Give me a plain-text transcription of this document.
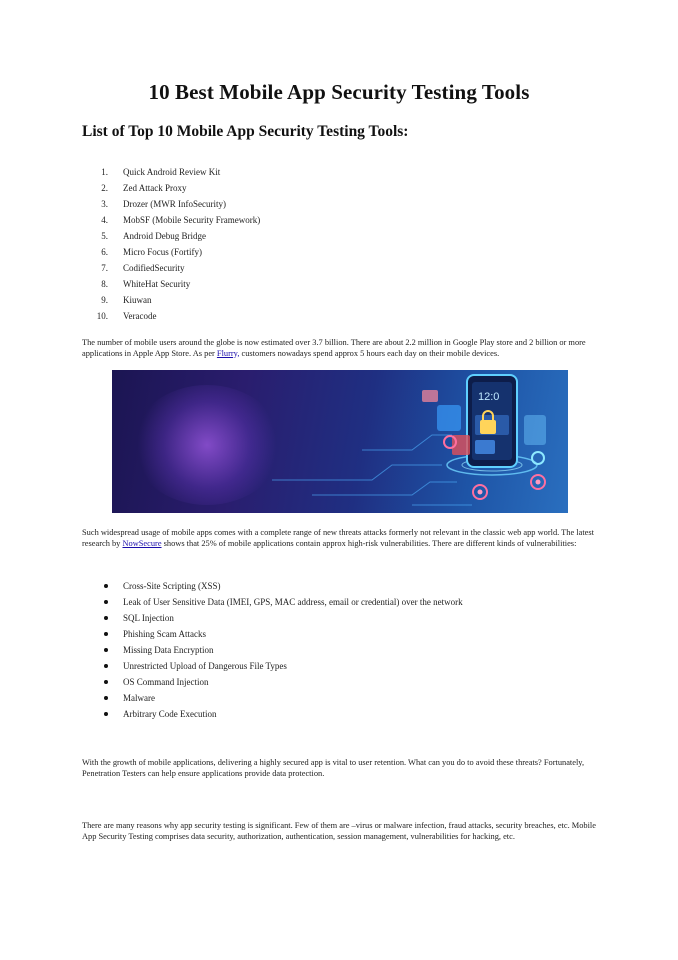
10 Best Mobile App Security Testing Tools
List of Top 10 Mobile App Security Testing Tools:
1. Quick Android Review Kit
2. Zed Attack Proxy
3. Drozer (MWR InfoSecurity)
4. MobSF (Mobile Security Framework)
5. Android Debug Bridge
6. Micro Focus (Fortify)
7. CodifiedSecurity
8. WhiteHat Security
9. Kiuwan
10. Veracode

The number of mobile users around the globe is now estimated over 3.7 billion. There are about 2.2 million in Google Play store and 2 billion or more applications in Apple App Store. As per Flurry, customers nowadays spend approx 5 hours each day on their mobile devices.

12:0

Such widespread usage of mobile apps comes with a complete range of new threats attacks formerly not relevant in the classic web app world. The latest research by NowSecure shows that 25% of mobile applications contain approx high-risk vulnerabilities. There are different kinds of vulnerabilities:

Cross-Site Scripting (XSS)
Leak of User Sensitive Data (IMEI, GPS, MAC address, email or credential) over the network
SQL Injection
Phishing Scam Attacks
Missing Data Encryption
Unrestricted Upload of Dangerous File Types
OS Command Injection
Malware
Arbitrary Code Execution

With the growth of mobile applications, delivering a highly secured app is vital to user retention. What can you do to avoid these threats? Fortunately, Penetration Testers can help ensure applications provide data protection.

There are many reasons why app security testing is significant. Few of them are –virus or malware infection, fraud attacks, security breaches, etc. Mobile App Security Testing comprises data security, authorization, authentication, session management, vulnerabilities for hacking, etc.
